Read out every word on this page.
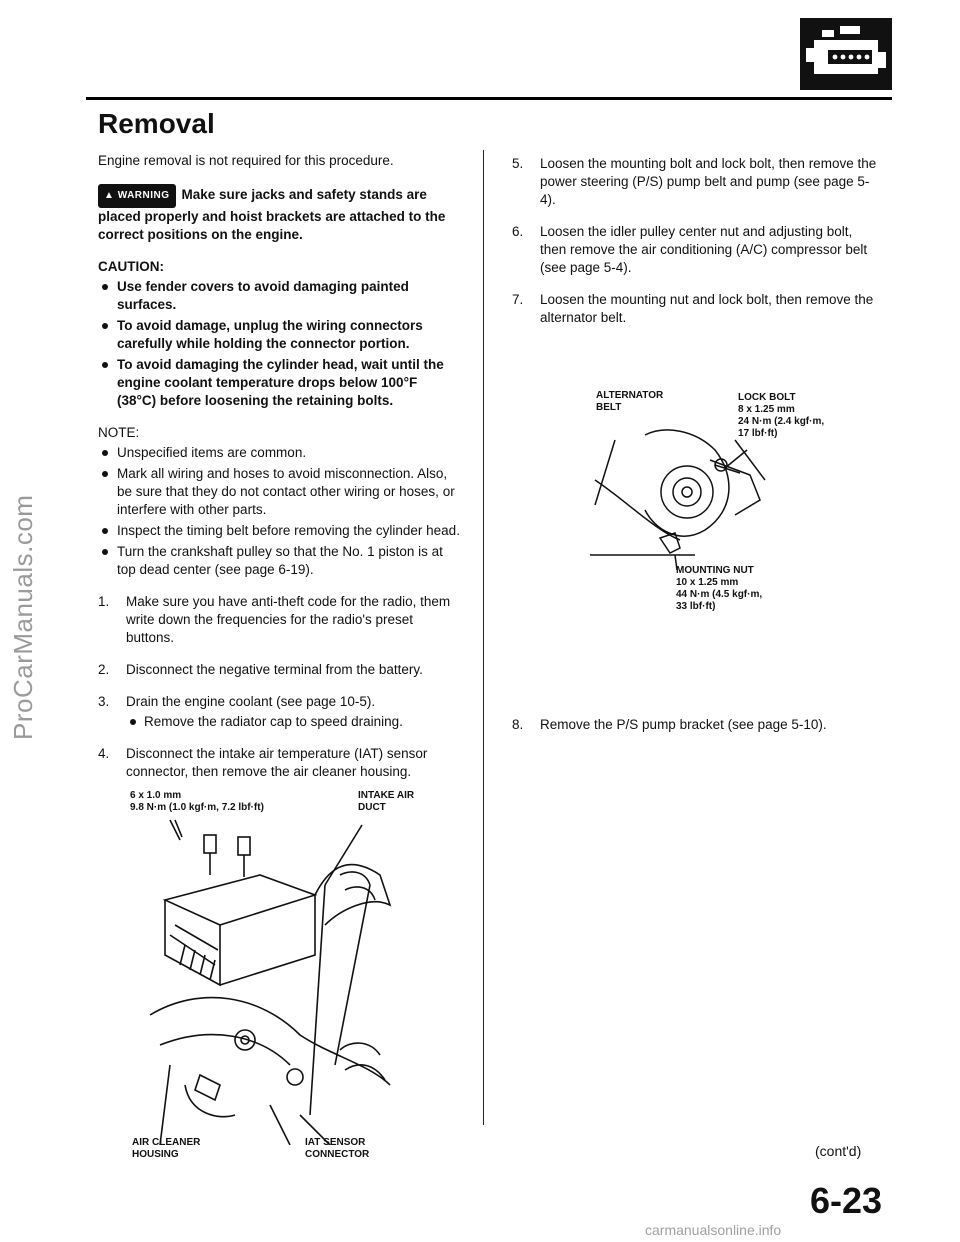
ProCarManuals.com
Removal

Engine removal is not required for this procedure.

▲ WARNING Make sure jacks and safety stands are placed properly and hoist brackets are attached to the correct positions on the engine.

CAUTION:
Use fender covers to avoid damaging painted surfaces.
To avoid damage, unplug the wiring connectors carefully while holding the connector portion.
To avoid damaging the cylinder head, wait until the engine coolant temperature drops below 100°F (38°C) before loosening the retaining bolts.
NOTE:
Unspecified items are common.
Mark all wiring and hoses to avoid misconnection. Also, be sure that they do not contact other wiring or hoses, or interfere with other parts.
Inspect the timing belt before removing the cylinder head.
Turn the crankshaft pulley so that the No. 1 piston is at top dead center (see page 6-19).
1. Make sure you have anti-theft code for the radio, them write down the frequencies for the radio's preset buttons.
2. Disconnect the negative terminal from the battery.
3. Drain the engine coolant (see page 10-5).
Remove the radiator cap to speed draining.
4. Disconnect the intake air temperature (IAT) sensor connector, then remove the air cleaner housing.
6 x 1.0 mm
9.8 N·m (1.0 kgf·m, 7.2 lbf·ft)
INTAKE AIR
DUCT
AIR CLEANER
HOUSING
IAT SENSOR
CONNECTOR
5. Loosen the mounting bolt and lock bolt, then remove the power steering (P/S) pump belt and pump (see page 5-4).
6. Loosen the idler pulley center nut and adjusting bolt, then remove the air conditioning (A/C) compressor belt (see page 5-4).
7. Loosen the mounting nut and lock bolt, then remove the alternator belt.
ALTERNATOR
BELT
LOCK BOLT
8 x 1.25 mm
24 N·m (2.4 kgf·m,
17 lbf·ft)
MOUNTING NUT
10 x 1.25 mm
44 N·m (4.5 kgf·m,
33 lbf·ft)
8. Remove the P/S pump bracket (see page 5-10).
(cont'd)
6-23
carmanualsonline.info
